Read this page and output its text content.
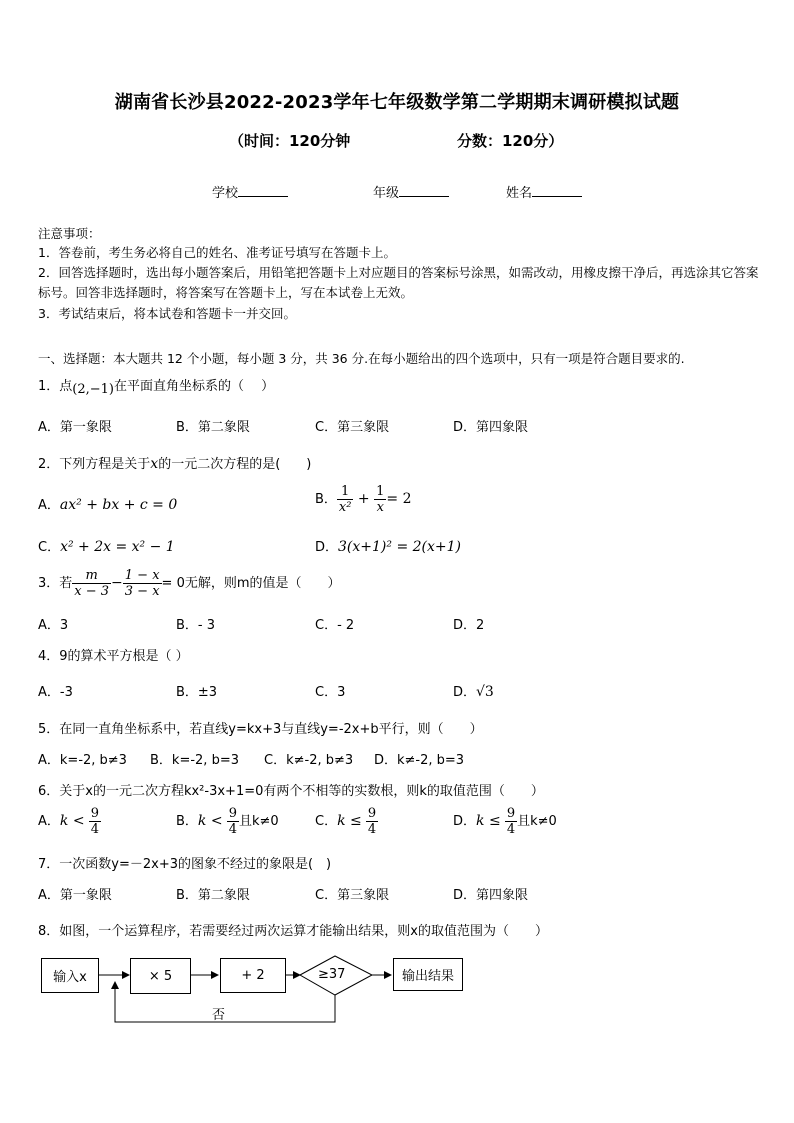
湖南省长沙县2022-2023学年七年级数学第二学期期末调研模拟试题
（时间：120分钟	分数：120分）
学校	年级	姓名
注意事项：
1．答卷前，考生务必将自己的姓名、准考证号填写在答题卡上。
2．回答选择题时，选出每小题答案后，用铅笔把答题卡上对应题目的答案标号涂黑，如需改动，用橡皮擦干净后，再选涂其它答案标号。回答非选择题时，将答案写在答题卡上，写在本试卷上无效。
3．考试结束后，将本试卷和答题卡一并交回。
一、选择题：本大题共 12 个小题，每小题 3 分，共 36 分.在每小题给出的四个选项中，只有一项是符合题目要求的.
1．点(2,−1)在平面直角坐标系的（　 ）
A．第一象限	B．第二象限	C．第三象限	D．第四象限
2．下列方程是关于x的一元二次方程的是(　　)
A．ax² + bx + c = 0	B． $\frac{1}{\text{x²}} + \frac{1}{x} = 2$
C．x² + 2x = x² − 1	D．3(x+1)² = 2(x+1)
3．若 $\frac{m}{x - 3} - \frac{1 - x}{3 - x} = 0$无解，则m的值是（　　）
A．3	B．- 3	C．- 2	D．2
4．9的算术平方根是（ ）
A．-3	B．±3	C．3	D．√3
5．在同一直角坐标系中，若直线y=kx+3与直线y=-2x+b平行，则（　　）
A．k=-2, b≠3 B．k=-2, b=3 C．k≠-2, b≠3 D．k≠-2, b=3
6．关于x的一元二次方程kx²-3x+1=0有两个不相等的实数根，则k的取值范围（　　）
A．$k < \frac{9}{4}$	B．$k < \frac{9}{4}$ 且k≠0	C．$k \le \frac{9}{4}$	D．$k \le \frac{9}{4}$ 且k≠0
7．一次函数y=－2x+3的图象不经过的象限是(　)
A．第一象限	B．第二象限	C．第三象限	D．第四象限
8．如图，一个运算程序，若需要经过两次运算才能输出结果，则x的取值范围为（　　）
输入x	× 5	+ 2	≥37	输出结果
否
